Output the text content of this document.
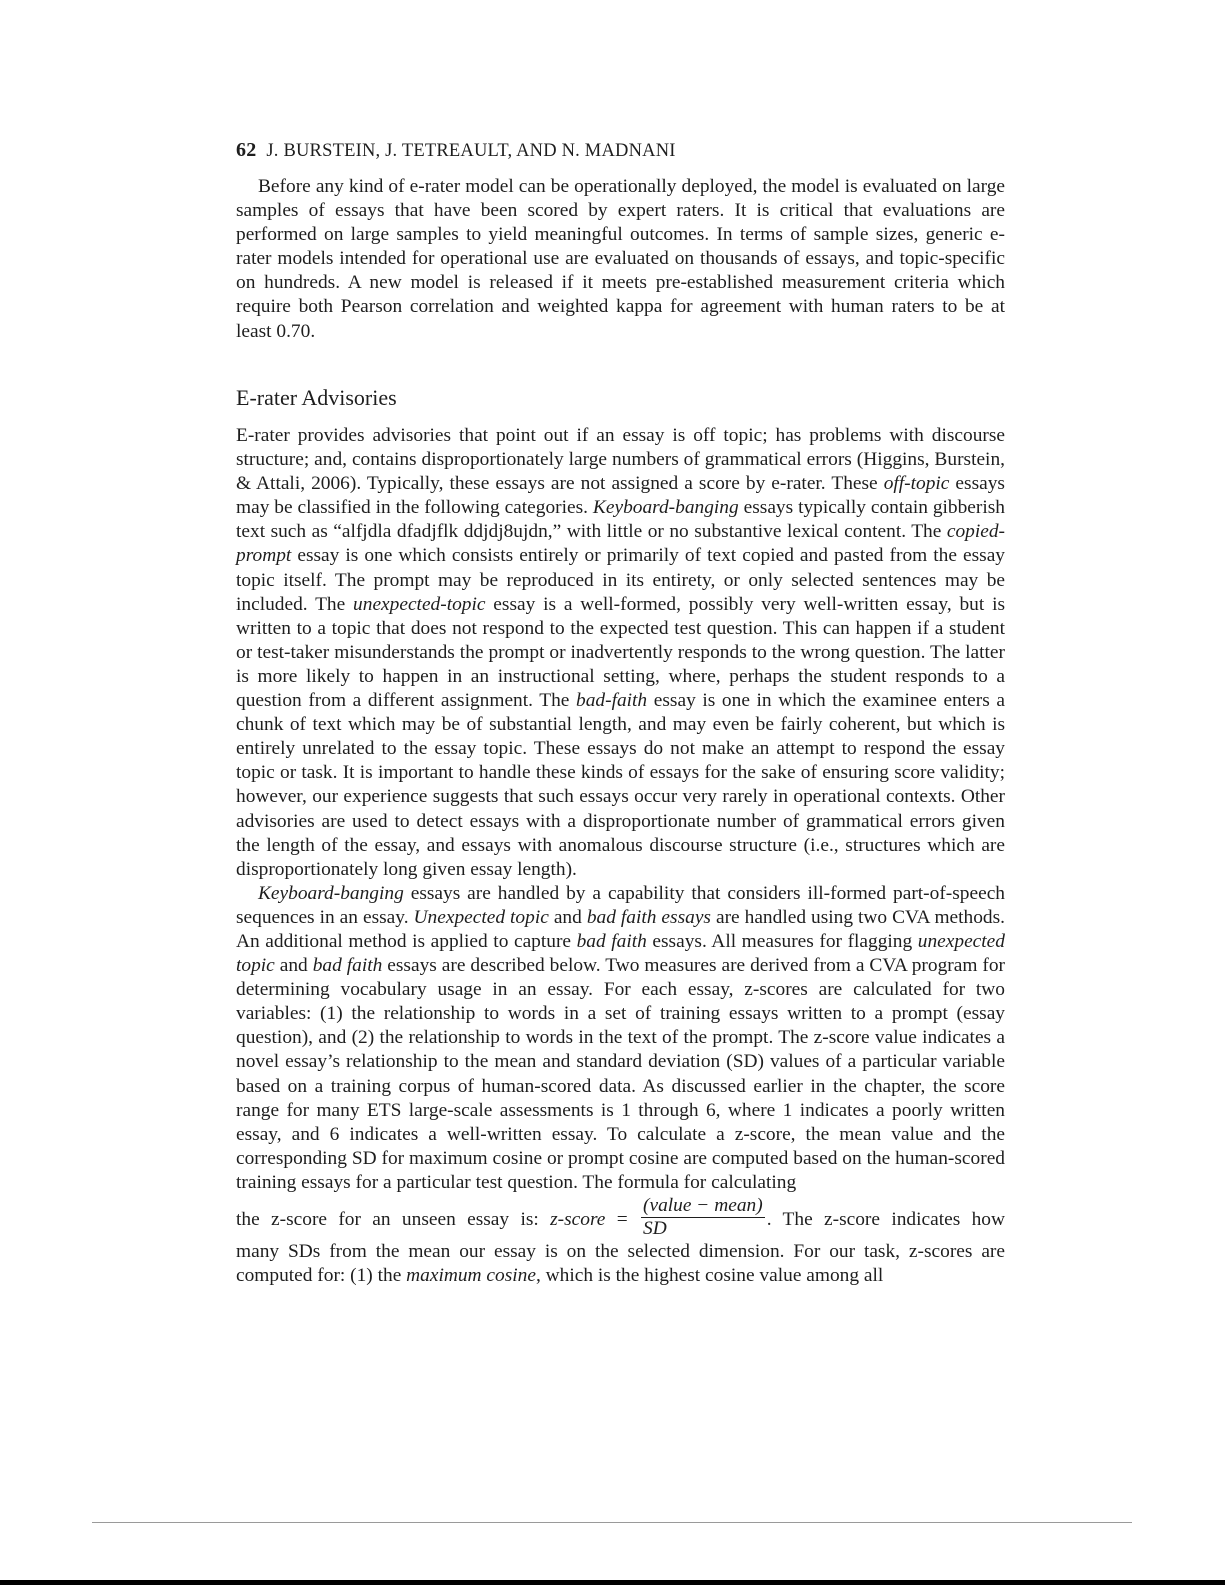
62 J. BURSTEIN, J. TETREAULT, AND N. MADNANI

Before any kind of e-rater model can be operationally deployed, the model is evaluated on large samples of essays that have been scored by expert raters. It is critical that evaluations are performed on large samples to yield meaningful outcomes. In terms of sample sizes, generic e-rater models intended for operational use are evaluated on thousands of essays, and topic-specific on hundreds. A new model is released if it meets pre-established measurement criteria which require both Pearson correlation and weighted kappa for agreement with human raters to be at least 0.70.

E-rater Advisories

E-rater provides advisories that point out if an essay is off topic; has problems with discourse structure; and, contains disproportionately large numbers of grammatical errors (Higgins, Burstein, & Attali, 2006). Typically, these essays are not assigned a score by e-rater. These off-topic essays may be classified in the following categories. Keyboard-banging essays typically contain gibberish text such as “alfjdla dfadjflk ddjdj8ujdn,” with little or no substantive lexical content. The copied-prompt essay is one which consists entirely or primarily of text copied and pasted from the essay topic itself. The prompt may be reproduced in its entirety, or only selected sentences may be included. The unexpected-topic essay is a well-formed, possibly very well-written essay, but is written to a topic that does not respond to the expected test question. This can happen if a student or test-taker misunderstands the prompt or inadvertently responds to the wrong question. The latter is more likely to happen in an instructional setting, where, perhaps the student responds to a question from a different assignment. The bad-faith essay is one in which the examinee enters a chunk of text which may be of substantial length, and may even be fairly coherent, but which is entirely unrelated to the essay topic. These essays do not make an attempt to respond the essay topic or task. It is important to handle these kinds of essays for the sake of ensuring score validity; however, our experience suggests that such essays occur very rarely in operational contexts. Other advisories are used to detect essays with a disproportionate number of grammatical errors given the length of the essay, and essays with anomalous discourse structure (i.e., structures which are disproportionately long given essay length).

Keyboard-banging essays are handled by a capability that considers ill-formed part-of-speech sequences in an essay. Unexpected topic and bad faith essays are handled using two CVA methods. An additional method is applied to capture bad faith essays. All measures for flagging unexpected topic and bad faith essays are described below. Two measures are derived from a CVA program for determining vocabulary usage in an essay. For each essay, z-scores are calculated for two variables: (1) the relationship to words in a set of training essays written to a prompt (essay question), and (2) the relationship to words in the text of the prompt. The z-score value indicates a novel essay’s relationship to the mean and standard deviation (SD) values of a particular variable based on a training corpus of human-scored data. As discussed earlier in the chapter, the score range for many ETS large-scale assessments is 1 through 6, where 1 indicates a poorly written essay, and 6 indicates a well-written essay. To calculate a z-score, the mean value and the corresponding SD for maximum cosine or prompt cosine are computed based on the human-scored training essays for a particular test question. The formula for calculating

the z-score for an unseen essay is: z-score = $\frac{\text{(value − mean)}}{SD}$ . The z-score indicates how

many SDs from the mean our essay is on the selected dimension. For our task, z-scores are computed for: (1) the maximum cosine, which is the highest cosine value among all
